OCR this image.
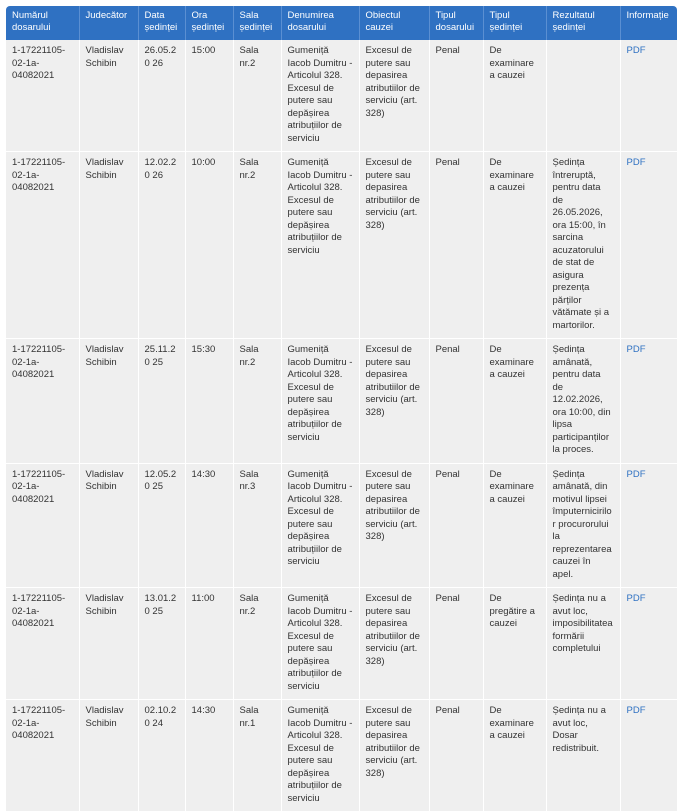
Numărul dosarului	Judecător	Data ședinței	Ora ședinței	Sala ședinței	Denumirea dosarului	Obiectul cauzei	Tipul dosarului	Tipul ședinței	Rezultatul ședinței	Informație
1-17221105-02-1a-04082021	Vladislav Schibin	26.05.20 26	15:00	Sala nr.2	Gumeniță Iacob Dumitru - Articolul 328. Excesul de putere sau depășirea atribuțiilor de serviciu	Excesul de putere sau depasirea atributiilor de serviciu (art. 328)	Penal	De examinare a cauzei		PDF
1-17221105-02-1a-04082021	Vladislav Schibin	12.02.20 26	10:00	Sala nr.2	Gumeniță Iacob Dumitru - Articolul 328. Excesul de putere sau depășirea atribuțiilor de serviciu	Excesul de putere sau depasirea atributiilor de serviciu (art. 328)	Penal	De examinare a cauzei	Ședința întreruptă, pentru data de 26.05.2026, ora 15:00, în sarcina acuzatorului de stat de asigura prezența părților vătămate și a martorilor.	PDF
1-17221105-02-1a-04082021	Vladislav Schibin	25.11.20 25	15:30	Sala nr.2	Gumeniță Iacob Dumitru - Articolul 328. Excesul de putere sau depășirea atribuțiilor de serviciu	Excesul de putere sau depasirea atributiilor de serviciu (art. 328)	Penal	De examinare a cauzei	Ședința amânată, pentru data de 12.02.2026, ora 10:00, din lipsa participanților la proces.	PDF
1-17221105-02-1a-04082021	Vladislav Schibin	12.05.20 25	14:30	Sala nr.3	Gumeniță Iacob Dumitru - Articolul 328. Excesul de putere sau depășirea atribuțiilor de serviciu	Excesul de putere sau depasirea atributiilor de serviciu (art. 328)	Penal	De examinare a cauzei	Ședința amânată, din motivul lipsei împuternicirilor procurorului la reprezentarea cauzei în apel.	PDF
1-17221105-02-1a-04082021	Vladislav Schibin	13.01.20 25	11:00	Sala nr.2	Gumeniță Iacob Dumitru - Articolul 328. Excesul de putere sau depășirea atribuțiilor de serviciu	Excesul de putere sau depasirea atributiilor de serviciu (art. 328)	Penal	De pregătire a cauzei	Ședința nu a avut loc, imposibilitatea formării completului	PDF
1-17221105-02-1a-04082021	Vladislav Schibin	02.10.20 24	14:30	Sala nr.1	Gumeniță Iacob Dumitru - Articolul 328. Excesul de putere sau depășirea atribuțiilor de serviciu	Excesul de putere sau depasirea atributiilor de serviciu (art. 328)	Penal	De examinare a cauzei	Ședința nu a avut loc, Dosar redistribuit.	PDF
